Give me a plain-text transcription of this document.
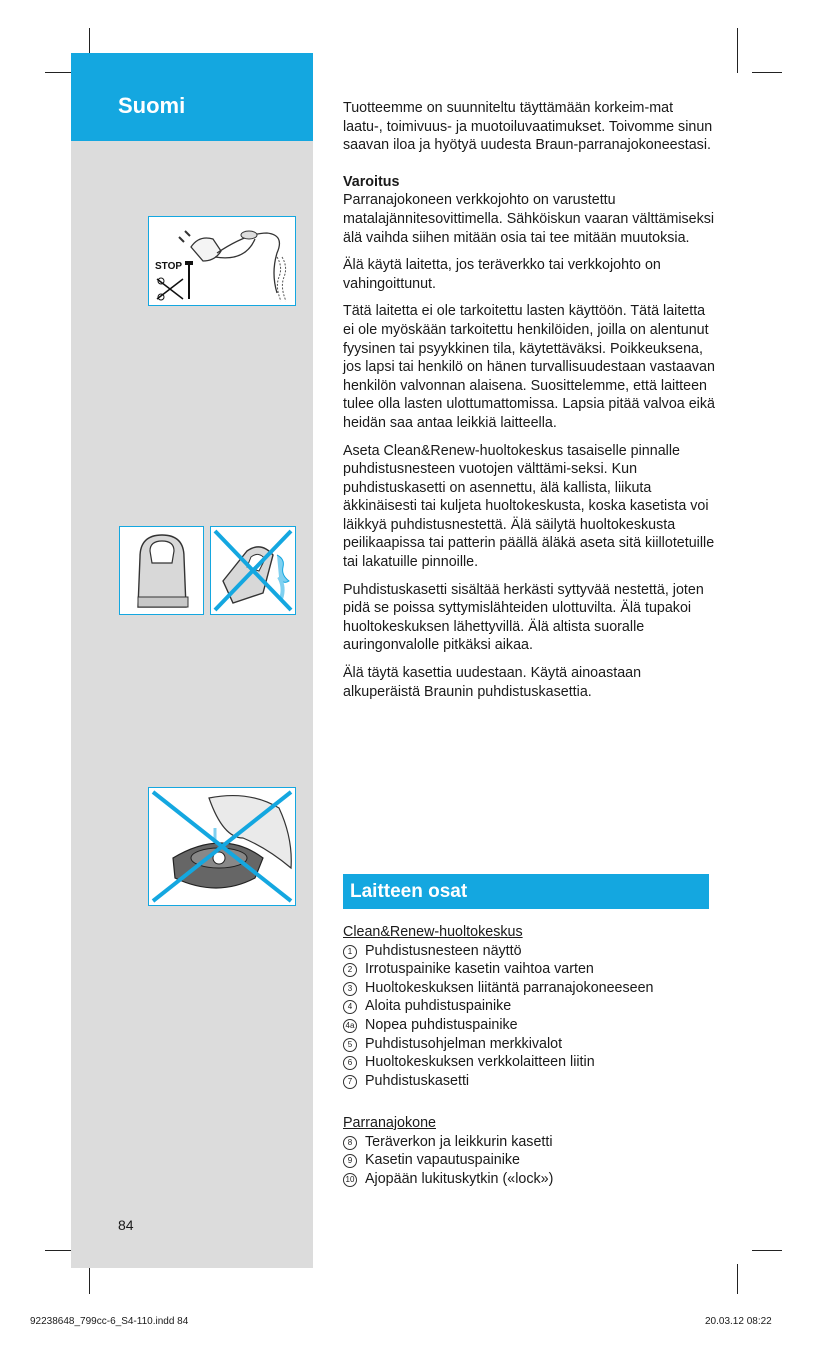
Suomi
STOP

Tuotteemme on suunniteltu täyttämään korkeim-mat laatu-, toimivuus- ja muotoiluvaatimukset. Toivomme sinun saavan iloa ja hyötyä uudesta Braun-parranajokoneestasi.

Varoitus
Parranajokoneen verkkojohto on varustettu matalajännitesovittimella. Sähköiskun vaaran välttämiseksi älä vaihda siihen mitään osia tai tee mitään muutoksia.

Älä käytä laitetta, jos teräverkko tai verkkojohto on vahingoittunut.

Tätä laitetta ei ole tarkoitettu lasten käyttöön. Tätä laitetta ei ole myöskään tarkoitettu henkilöiden, joilla on alentunut fyysinen tai psyykkinen tila, käytettäväksi. Poikkeuksena, jos lapsi tai henkilö on hänen turvallisuudestaan vastaavan henkilön valvonnan alaisena. Suosittelemme, että laitteen tulee olla lasten ulottumattomissa. Lapsia pitää valvoa eikä heidän saa antaa leikkiä laitteella.

Aseta Clean&Renew-huoltokeskus tasaiselle pinnalle puhdistusnesteen vuotojen välttämi-seksi. Kun puhdistuskasetti on asennettu, älä kallista, liikuta äkkinäisesti tai kuljeta huoltokeskusta, koska kasetista voi läikkyä puhdistusnestettä. Älä säilytä huoltokeskusta peilikaapissa tai patterin päällä äläkä aseta sitä kiillotetuille tai lakatuille pinnoille.

Puhdistuskasetti sisältää herkästi syttyvää nestettä, joten pidä se poissa syttymislähteiden ulottuvilta. Älä tupakoi huoltokeskuksen lähettyvillä. Älä altista suoralle auringonvalolle pitkäksi aikaa.

Älä täytä kasettia uudestaan. Käytä ainoastaan alkuperäistä Braunin puhdistuskasettia.

Laitteen osat
Clean&Renew-huoltokeskus
1 Puhdistusnesteen näyttö
2 Irrotuspainike kasetin vaihtoa varten
3 Huoltokeskuksen liitäntä parranajokoneeseen
4 Aloita puhdistuspainike
4a Nopea puhdistuspainike
5 Puhdistusohjelman merkkivalot
6 Huoltokeskuksen verkkolaitteen liitin
7 Puhdistuskasetti
Parranajokone
8 Teräverkon ja leikkurin kasetti
9 Kasetin vapautuspainike
10 Ajopään lukituskytkin («lock»)

84

92238648_799cc-6_S4-110.indd 84	20.03.12 08:22
